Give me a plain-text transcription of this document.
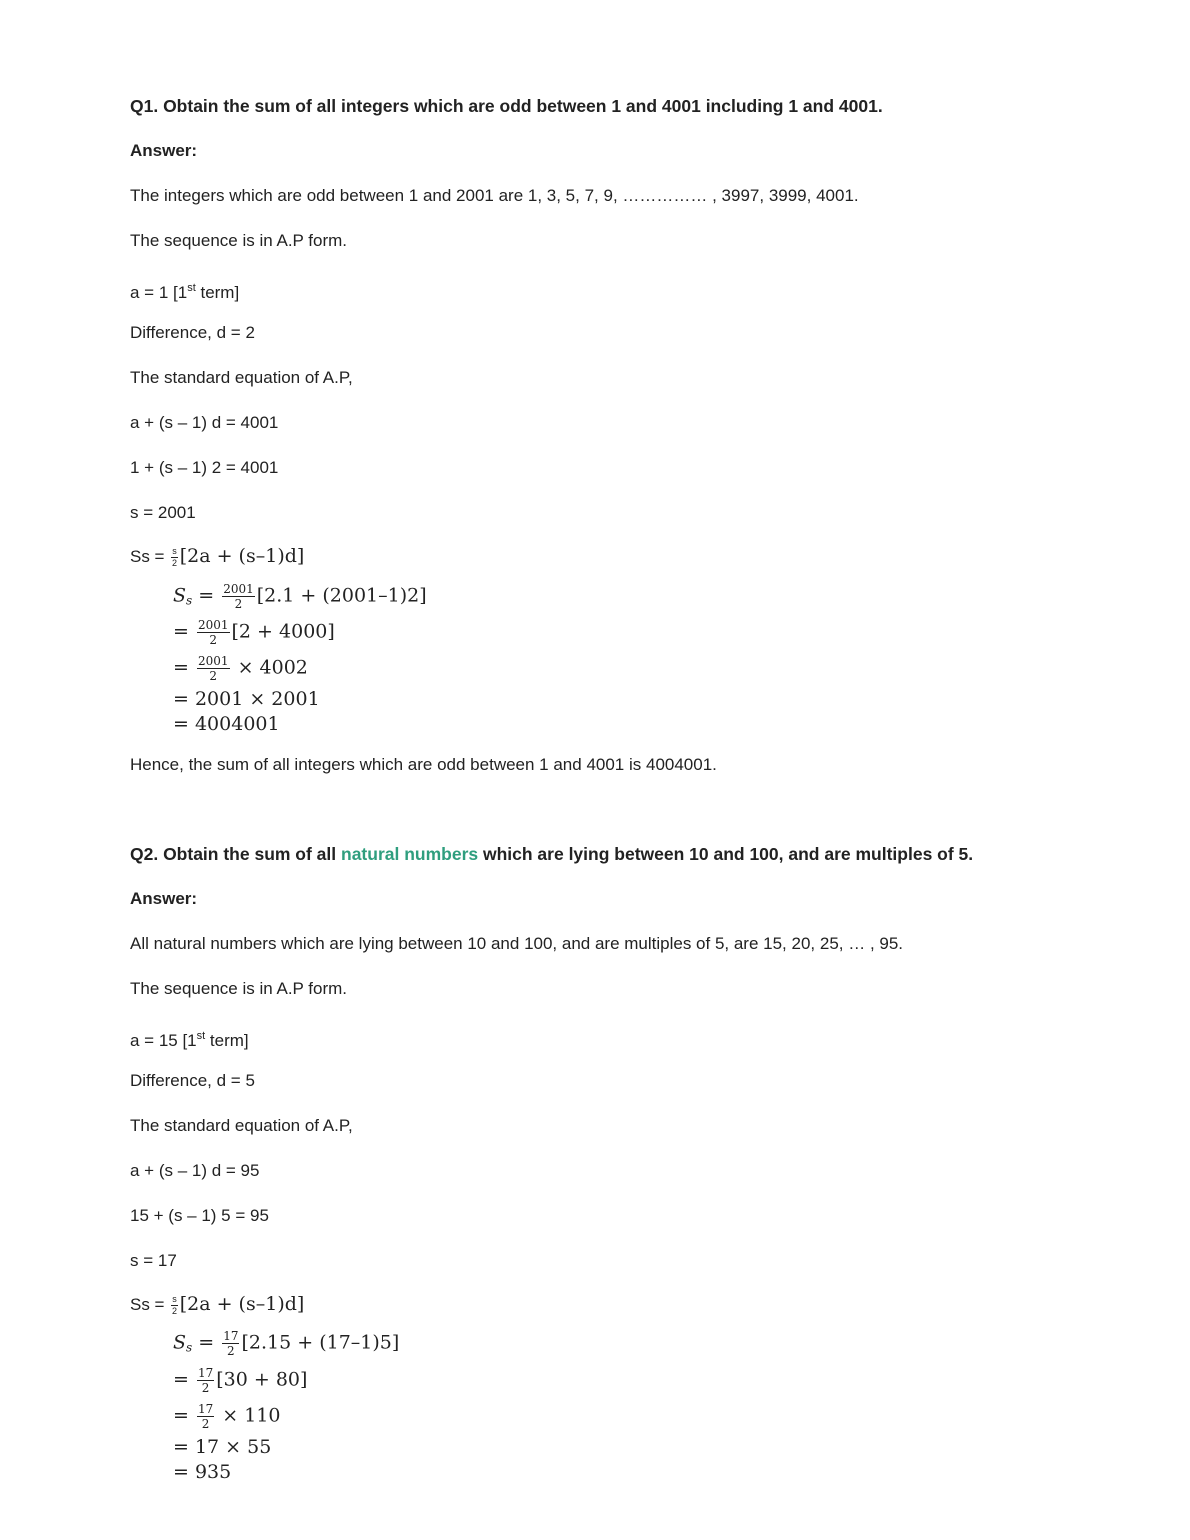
Q1. Obtain the sum of all integers which are odd between 1 and 4001 including 1 and 4001.
Answer:
The integers which are odd between 1 and 2001 are 1, 3, 5, 7, 9, …………… , 3997, 3999, 4001.
The sequence is in A.P form.
a = 1 [1st term]
Difference, d = 2
The standard equation of A.P,
a + (s – 1) d = 4001
1 + (s – 1) 2 = 4001
s = 2001
$Ss = \frac{s}{2} [2a + (s-1)d]$
$Ss = \frac{2001}{2} [2.1 + (2001-1)2]$
= $\frac{2001}{2} [2 + 4000]$
= $\frac{2001}{2} \times 4002$
= 2001 × 2001
= 4004001
Hence, the sum of all integers which are odd between 1 and 4001 is 4004001.
Q2. Obtain the sum of all natural numbers which are lying between 10 and 100, and are multiples of 5.
Answer:
All natural numbers which are lying between 10 and 100, and are multiples of 5, are 15, 20, 25, … , 95.
The sequence is in A.P form.
a = 15 [1st term]
Difference, d = 5
The standard equation of A.P,
a + (s – 1) d = 95
15 + (s – 1) 5 = 95
s = 17
$Ss = \frac{s}{2} [2a + (s-1)d]$
$Ss = \frac{17}{2} [2.15 + (17-1)5]$
= $\frac{17}{2} [30 + 80]$
= $\frac{17}{2} \times 110$
= 17 × 55
= 935
